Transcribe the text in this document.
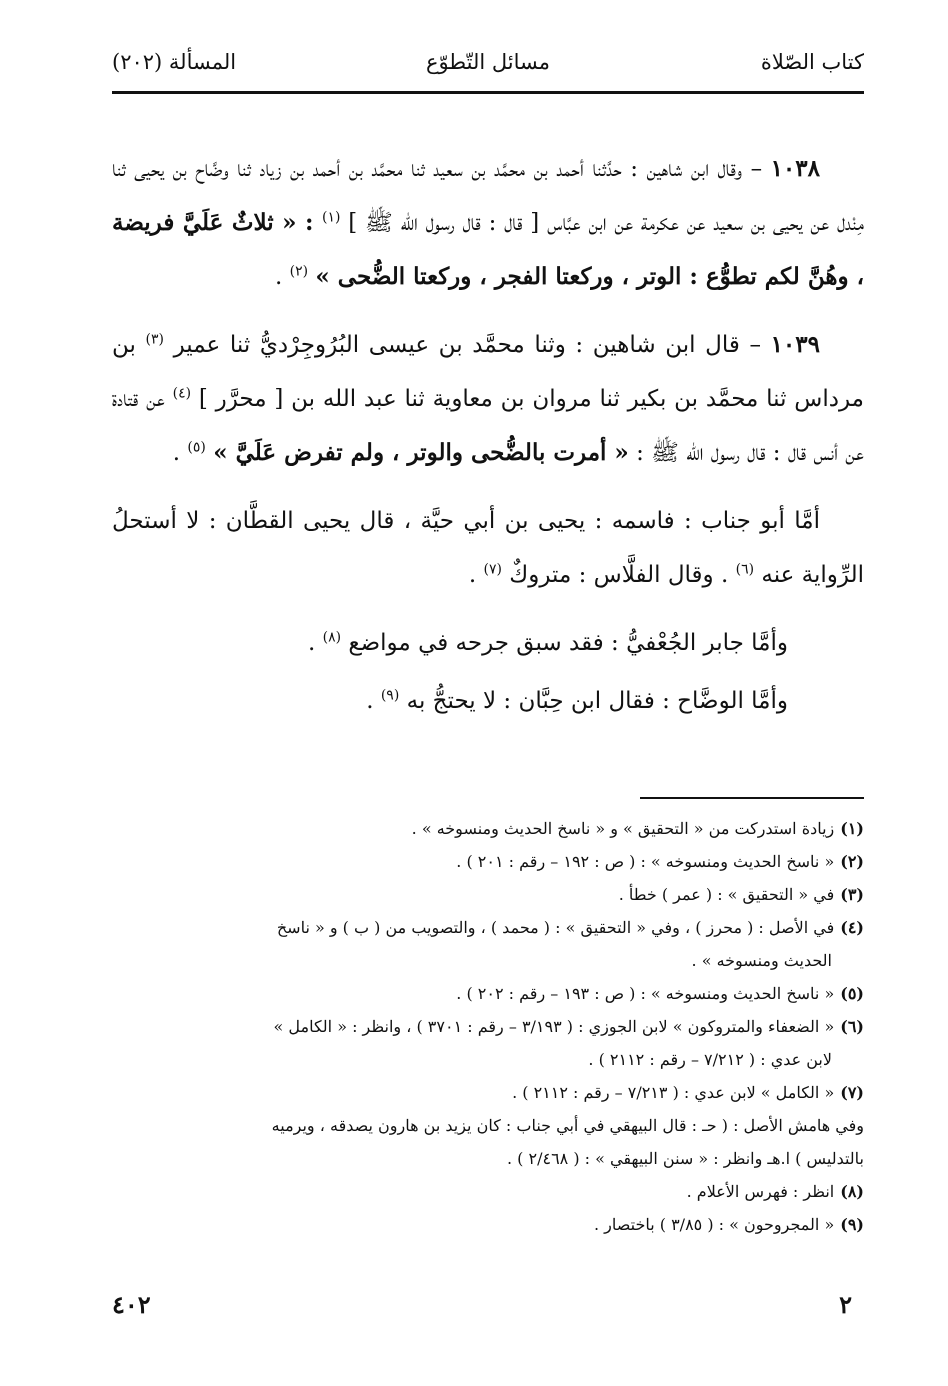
كتاب الصّلاة
مسائل التّطوّع
المسألة (٢٠٢)

١٠٣٨ – وقال ابن شاهين : حدَّثنا أحمد بن محمَّد بن سعيد ثنا محمَّد بن أحمد بن زياد ثنا وضَّاح بن يحيى ثنا مِنْدل عن يحيى بن سعيد عن عكرمة عن ابن عبَّاس [ قال : قال رسول الله ﷺ ] $^{(١)}$ : « ثلاثٌ عَلَيَّ فريضة ، وهُنَّ لكم تطوُّع : الوتر ، وركعتا الفجر ، وركعتا الضُّحى » $^{(٢)}$ .

١٠٣٩ – قال ابن شاهين : وثنا محمَّد بن عيسى البُرُوجِرْديُّ ثنا عمير $^{(٣)}$ بن مرداس ثنا محمَّد بن بكير ثنا مروان بن معاوية ثنا عبد الله بن [ محرَّر ] $^{(٤)}$ عن قتادة عن أنس قال : قال رسول الله ﷺ : « أمرت بالضُّحى والوتر ، ولم تفرض عَلَيَّ » $^{(٥)}$ .

أمَّا أبو جناب : فاسمه : يحيى بن أبي حيَّة ، قال يحيى القطَّان : لا أستحلُ الرِّواية عنه $^{(٦)}$ . وقال الفلَّاس : متروكٌ $^{(٧)}$ .

وأمَّا جابر الجُعْفيُّ : فقد سبق جرحه في مواضع $^{(٨)}$ .

وأمَّا الوضَّاح : فقال ابن حِبَّان : لا يحتجُّ به $^{(٩)}$ .

(١)زيادة استدركت من « التحقيق » و « ناسخ الحديث ومنسوخه » .

(٢)« ناسخ الحديث ومنسوخه » : ( ص : ١٩٢ – رقم : ٢٠١ ) .

(٣)في « التحقيق » : ( عمر ) خطأ .

(٤)في الأصل : ( محرز ) ، وفي « التحقيق » : ( محمد ) ، والتصويب من ( ب ) و « ناسخ
الحديث ومنسوخه » .

(٥)« ناسخ الحديث ومنسوخه » : ( ص : ١٩٣ – رقم : ٢٠٢ ) .

(٦)« الضعفاء والمتروكون » لابن الجوزي : ( ٣/١٩٣ – رقم : ٣٧٠١ ) ، وانظر : « الكامل »
لابن عدي : ( ٧/٢١٢ – رقم : ٢١١٢ ) .

(٧)« الكامل » لابن عدي : ( ٧/٢١٣ – رقم : ٢١١٢ ) .

وفي هامش الأصل : ( حـ : قال البيهقي في أبي جناب : كان يزيد بن هارون يصدقه ، ويرميه
بالتدليس ) ا.هـ وانظر : « سنن البيهقي » : ( ٢/٤٦٨ ) .

(٨)انظر : فهرس الأعلام .

(٩)« المجروحون » : ( ٣/٨٥ ) باختصار .

٢
٤٠٢
